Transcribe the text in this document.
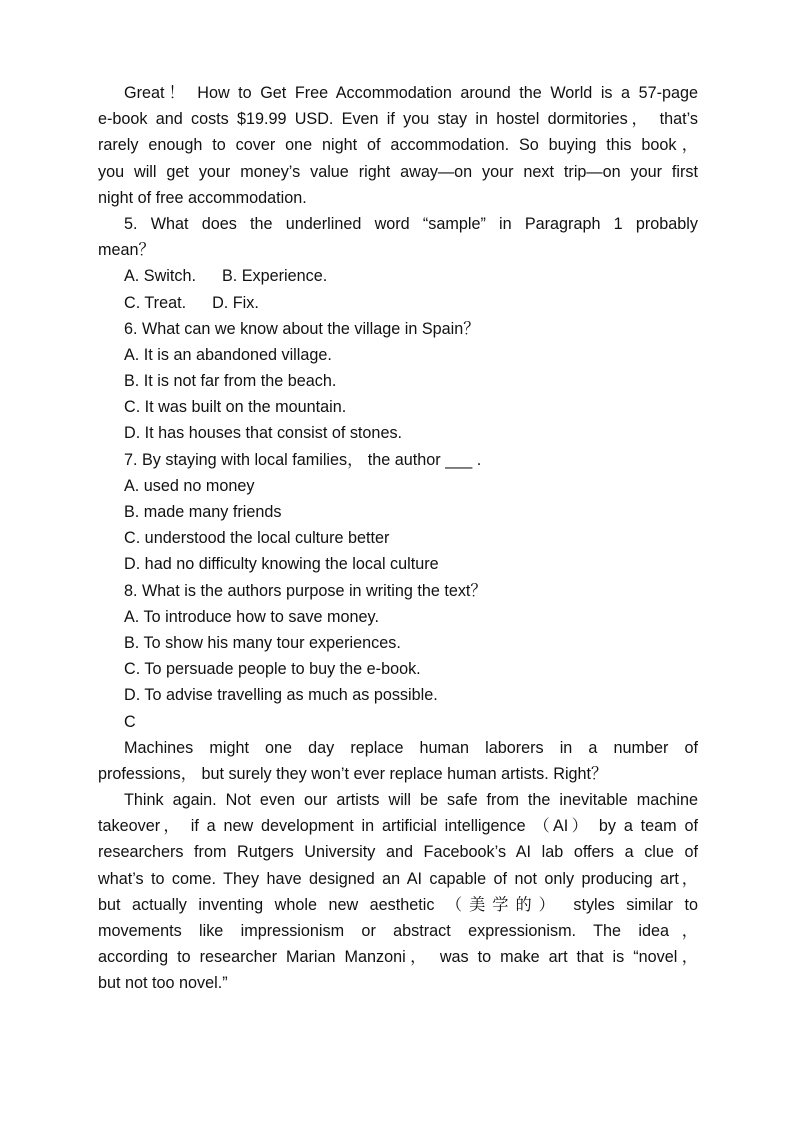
Great！ How to Get Free Accommodation around the World is a 57-page
e-book and costs $19.99 USD. Even if you stay in hostel dormitories， that’s
rarely enough to cover one night of accommodation. So buying this book，
you will get your money’s value right away—on your next trip—on your first
night of free accommodation.
5. What does the underlined word “sample” in Paragraph 1 probably
mean？
A. Switch. B. Experience.
C. Treat. D. Fix.
6. What can we know about the village in Spain？
A. It is an abandoned village.
B. It is not far from the beach.
C. It was built on the mountain.
D. It has houses that consist of stones.
7. By staying with local families， the author ___ .
A. used no money
B. made many friends
C. understood the local culture better
D. had no difficulty knowing the local culture
8. What is the authors purpose in writing the text？
A. To introduce how to save money.
B. To show his many tour experiences.
C. To persuade people to buy the e-book.
D. To advise travelling as much as possible.
C
Machines might one day replace human laborers in a number of
professions， but surely they won’t ever replace human artists. Right？
Think again. Not even our artists will be safe from the inevitable machine
takeover， if a new development in artificial intelligence （AI） by a team of
researchers from Rutgers University and Facebook’s AI lab offers a clue of
what’s to come. They have designed an AI capable of not only producing art，
but actually inventing whole new aesthetic （美学的） styles similar to
movements like impressionism or abstract expressionism. The idea，
according to researcher Marian Manzoni， was to make art that is “novel，
but not too novel.”
